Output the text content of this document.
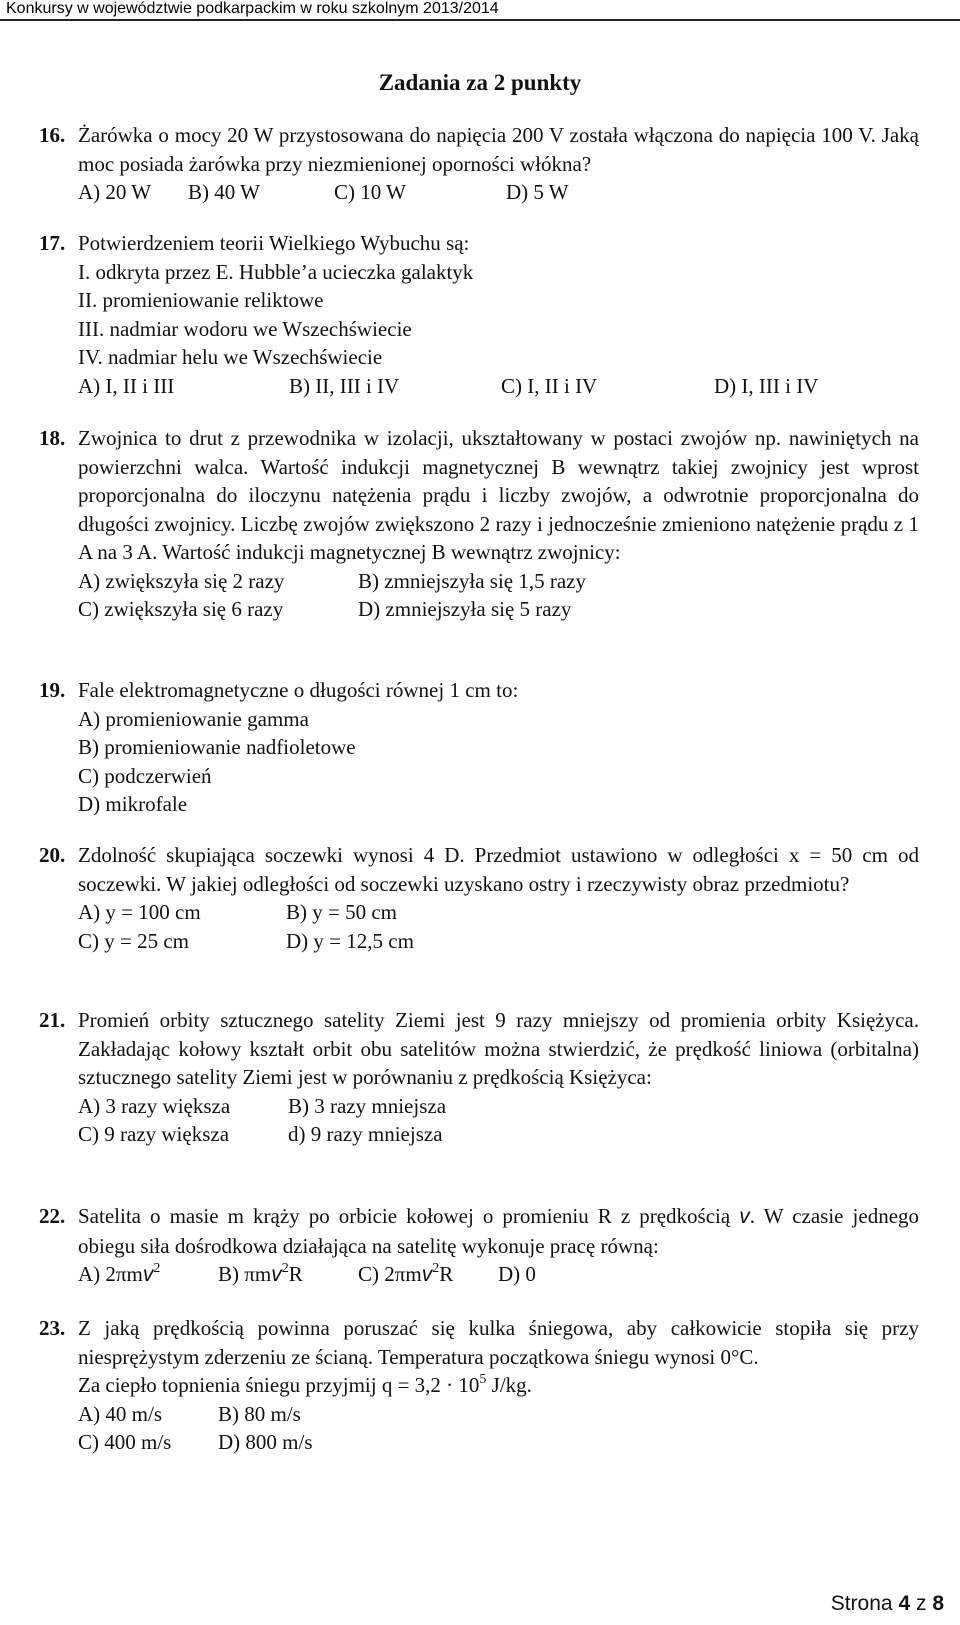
Konkursy w województwie podkarpackim w roku szkolnym 2013/2014
Zadania za 2 punkty
16. Żarówka o mocy 20 W przystosowana do napięcia 200 V została włączona do napięcia 100 V. Jaką moc posiada żarówka przy niezmienionej oporności włókna?
A) 20 W	B) 40 W	C) 10 W	D) 5 W
17. Potwierdzeniem teorii Wielkiego Wybuchu są:
I. odkryta przez E. Hubble’a ucieczka galaktyk
II. promieniowanie reliktowe
III. nadmiar wodoru we Wszechświecie
IV. nadmiar helu we Wszechświecie
A) I, II i III	B) II, III i IV	C) I, II i IV	D) I, III i IV
18. Zwojnica to drut z przewodnika w izolacji, ukształtowany w postaci zwojów np. nawiniętych na powierzchni walca. Wartość indukcji magnetycznej B wewnątrz takiej zwojnicy jest wprost proporcjonalna do iloczynu natężenia prądu i liczby zwojów, a odwrotnie proporcjonalna do długości zwojnicy. Liczbę zwojów zwiększono 2 razy i jednocześnie zmieniono natężenie prądu z 1 A na 3 A. Wartość indukcji magnetycznej B wewnątrz zwojnicy:
A) zwiększyła się 2 razy	B) zmniejszyła się 1,5 razy
C) zwiększyła się 6 razy	D) zmniejszyła się 5 razy
19. Fale elektromagnetyczne o długości równej 1 cm to:
A) promieniowanie gamma
B) promieniowanie nadfioletowe
C) podczerwień
D) mikrofale
20. Zdolność skupiająca soczewki wynosi 4 D. Przedmiot ustawiono w odległości x = 50 cm od soczewki. W jakiej odległości od soczewki uzyskano ostry i rzeczywisty obraz przedmiotu?
A) y = 100 cm	B) y = 50 cm
C) y = 25 cm	D) y = 12,5 cm
21. Promień orbity sztucznego satelity Ziemi jest 9 razy mniejszy od promienia orbity Księżyca. Zakładając kołowy kształt orbit obu satelitów można stwierdzić, że prędkość liniowa (orbitalna) sztucznego satelity Ziemi jest w porównaniu z prędkością Księżyca:
A) 3 razy większa	B) 3 razy mniejsza
C) 9 razy większa	d) 9 razy mniejsza
22. Satelita o masie m krąży po orbicie kołowej o promieniu R z prędkością v. W czasie jednego obiegu siła dośrodkowa działająca na satelitę wykonuje pracę równą:
A) 2πmv$^2$	B) πmv$^2$R	C) 2πmv$^2$R	D) 0
23. Z jaką prędkością powinna poruszać się kulka śniegowa, aby całkowicie stopiła się przy niesprężystym zderzeniu ze ścianą. Temperatura początkowa śniegu wynosi 0°C.
Za ciepło topnienia śniegu przyjmij $q = 3,2 \cdot 10^5$ J/kg.
A) 40 m/s	B) 80 m/s
C) 400 m/s	D) 800 m/s
Strona 4 z 8
